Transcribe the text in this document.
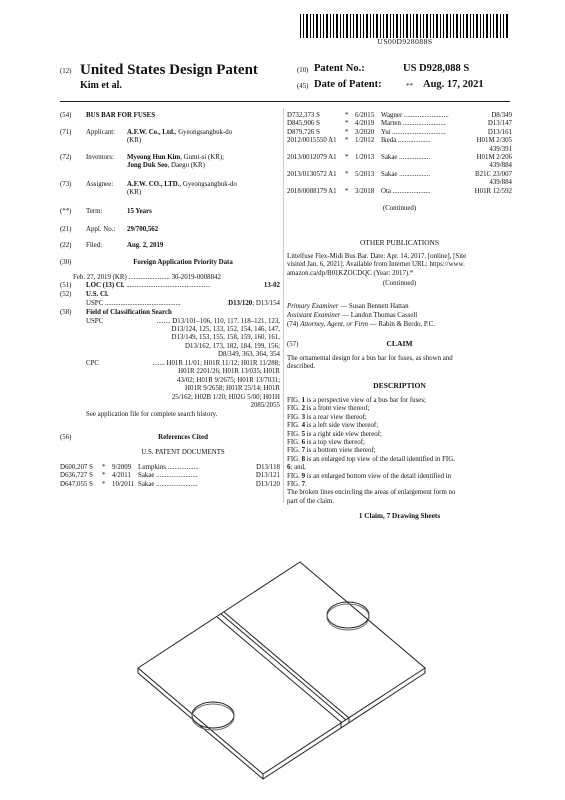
US00D928088S
(12) United States Design Patent
Kim et al.
(10) Patent No.:	US D928,088 S
(45) Date of Patent:	** Aug. 17, 2021
(54) BUS BAR FOR FUSES
(71) Applicant: A.F.W. Co., Ltd., Gyeongsangbuk-do
(KR)
(72) Inventors: Myeong Hun Kim, Gumi-si (KR);
Jong Duk Seo, Daegu (KR)
(73) Assignee: A.F.W. CO., LTD., Gyeongsangbuk-do
(KR)
(**) Term:	15 Years
(21) Appl. No.: 29/700,562
(22) Filed:	Aug. 2, 2019
(30)	Foreign Application Priority Data
Feb. 27, 2019 (KR) ........................ 30-2019-0008842
(51) LOC (13) Cl. .................................................	13-02
(52) U.S. Cl.
USPC ............................................	D13/120; D13/154
(58) Field of Classification Search
USPC	........ D13/101–106, 110, 117, 118–121, 123,
D13/124, 125, 133, 152, 154, 146, 147,
D13/149, 153, 155, 158, 159, 160, 161,
D13/162, 173, 182, 184, 199, 156;
D8/349, 363, 364, 354
CPC	....... H01R 11/01; H01R 11/12; H01R 11/288;
H01R 2201/26; H01R 13/035; H01R
43/02; H01R 9/2675; H01R 13/7031;
H01R 9/2658; H01R 25/14; H01R
25/162; H02B 1/20; H02G 5/00; H01H
2085/2055
See application file for complete search history.
(56)	References Cited
U.S. PATENT DOCUMENTS
D600,207 S * 9/2009 Lumpkins ..................	D13/118
D636,727 S * 4/2011 Sakae ........................	D13/121
D647,055 S * 10/2011 Sakae ........................	D13/120
D732,373 S	* 6/2015 Wagner ..........................	D8/349
D845,906 S	* 4/2019 Marten .........................	D13/147
D879,726 S	* 3/2020 Yui ...............................	D13/161
2012/0015550 A1 * 1/2012 Ikeda ...................	H01M 2/305
439/391
2013/0012079 A1 * 1/2013 Sakae ..................	H01M 2/206
439/884
2013/0130572 A1 * 5/2013 Sakae ..................	B21C 23/007
439/884
2018/0088179 A1 * 3/2018 Ota ......................	H01R 12/592
(Continued)
OTHER PUBLICATIONS
Littelfuse Flex-Midi Bus Bar. Date: Apr. 14, 2017. [online], [Site
visited Jan. 6, 2021]. Available from Internet URL: https://www.
amazon.ca/dp/B01KZOCDQC (Year: 2017).*
(Continued)
Primary Examiner — Susan Bennett Hattan
Assistant Examiner — Landon Thomas Cassell
(74) Attorney, Agent, or Firm — Rabin & Berdo, P.C.
(57)	CLAIM
The ornamental design for a bus bar for fuses, as shown and
described.
DESCRIPTION
FIG. 1 is a perspective view of a bus bar for fuses;
FIG. 2 is a front view thereof;
FIG. 3 is a rear view thereof;
FIG. 4 is a left side view thereof;
FIG. 5 is a right side view thereof;
FIG. 6 is a top view thereof;
FIG. 7 is a bottom view thereof;
FIG. 8 is an enlarged top view of the detail identified in FIG.
6; and,
FIG. 9 is an enlarged bottom view of the detail identified in
FIG. 7.
The broken lines encircling the areas of enlargement form no
part of the claim.
1 Claim, 7 Drawing Sheets
